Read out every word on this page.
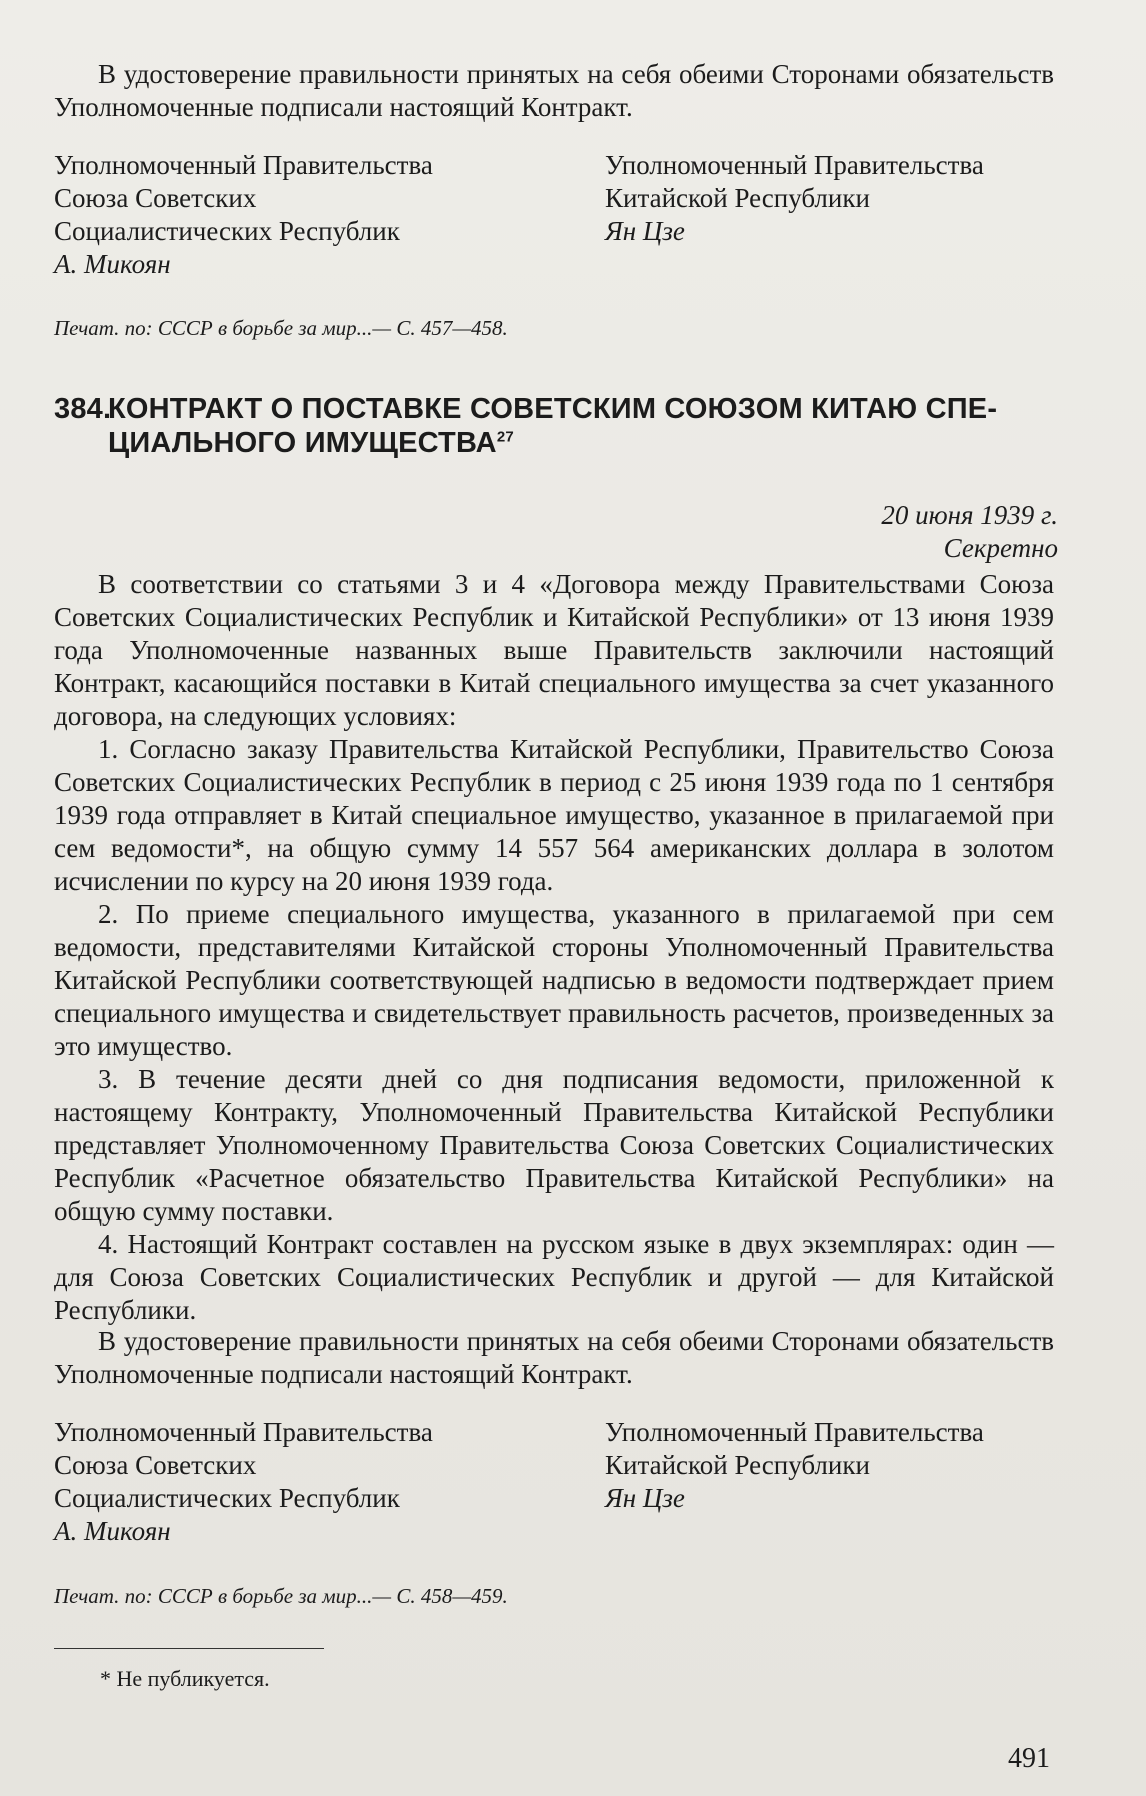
В удостоверение правильности принятых на себя обеими Сторонами обязательств Уполномоченные подписали настоящий Контракт.

Уполномоченный Правительства
Союза Советских
Социалистических Республик
А. Микоян
Уполномоченный Правительства
Китайской Республики
Ян Цзе
Печат. по: СССР в борьбе за мир...— С. 457—458.
384.КОНТРАКТ О ПОСТАВКЕ СОВЕТСКИМ СОЮЗОМ КИТАЮ СПЕ-
ЦИАЛЬНОГО ИМУЩЕСТВА$^{27}$
20 июня 1939 г.
Секретно

В соответствии со статьями 3 и 4 «Договора между Правительствами Союза Советских Социалистических Республик и Китайской Республики» от 13 июня 1939 года Уполномоченные названных выше Правительств заключили настоящий Контракт, касающийся поставки в Китай специального имущества за счет указанного договора, на следующих условиях:

1. Согласно заказу Правительства Китайской Республики, Правительство Союза Советских Социалистических Республик в период с 25 июня 1939 года по 1 сентября 1939 года отправляет в Китай специальное имущество, указанное в прилагаемой при сем ведомости*, на общую сумму 14 557 564 американских доллара в золотом исчислении по курсу на 20 июня 1939 года.

2. По приеме специального имущества, указанного в прилагаемой при сем ведомости, представителями Китайской стороны Уполномоченный Правительства Китайской Республики соответствующей надписью в ведомости подтверждает прием специального имущества и свидетельствует правильность расчетов, произведенных за это имущество.

3. В течение десяти дней со дня подписания ведомости, приложенной к настоящему Контракту, Уполномоченный Правительства Китайской Республики представляет Уполномоченному Правительства Союза Советских Социалистических Республик «Расчетное обязательство Правительства Китайской Республики» на общую сумму поставки.

4. Настоящий Контракт составлен на русском языке в двух экземплярах: один — для Союза Советских Социалистических Республик и другой — для Китайской Республики.

В удостоверение правильности принятых на себя обеими Сторонами обязательств Уполномоченные подписали настоящий Контракт.

Уполномоченный Правительства
Союза Советских
Социалистических Республик
А. Микоян
Уполномоченный Правительства
Китайской Республики
Ян Цзе
Печат. по: СССР в борьбе за мир...— С. 458—459.
* Не публикуется.
491
